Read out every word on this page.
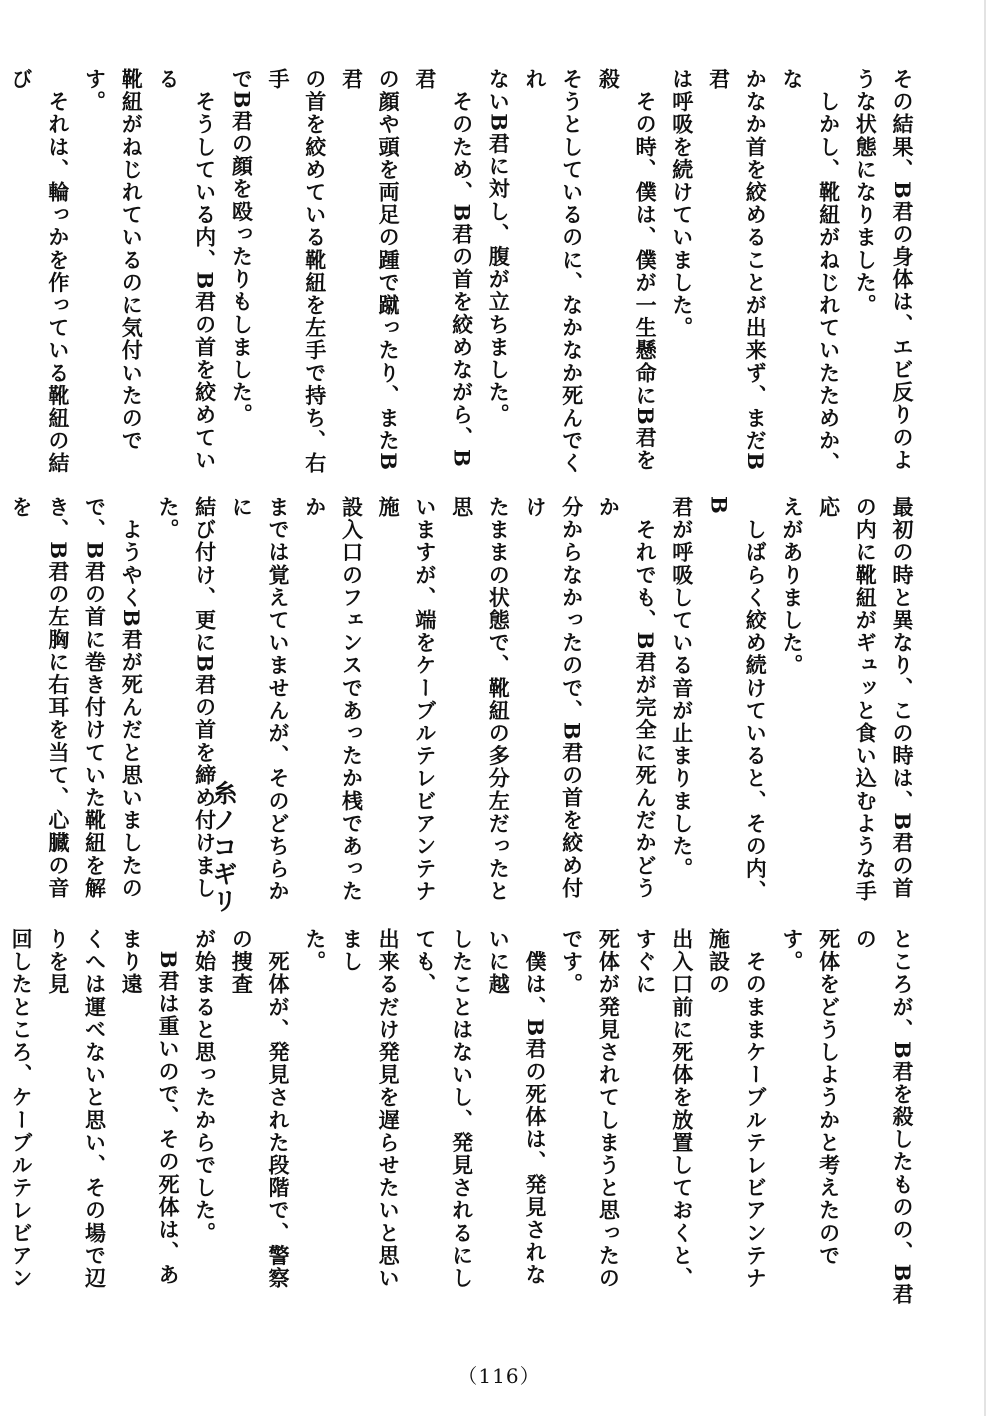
その結果、B君の身体は、エビ反りのよ
うな状態になりました。
　しかし、靴紐がねじれていたためか、な
かなか首を絞めることが出来ず、まだB君
は呼吸を続けていました。
　その時、僕は、僕が一生懸命にB君を殺
そうとしているのに、なかなか死んでくれ
ないB君に対し、腹が立ちました。
　そのため、B君の首を絞めながら、B君
の顔や頭を両足の踵で蹴ったり、またB君
の首を絞めている靴紐を左手で持ち、右手
でB君の顔を殴ったりもしました。
　そうしている内、B君の首を絞めている
靴紐がねじれているのに気付いたのです。
　それは、輪っかを作っている靴紐の結び

最初の時と異なり、この時は、B君の首
の内に靴紐がギュッと食い込むような手応
えがありました。
　しばらく絞め続けていると、その内、B
君が呼吸している音が止まりました。
　それでも、B君が完全に死んだかどうか
分からなかったので、B君の首を絞め付け
たままの状態で、靴紐の多分左だったと思
いますが、端をケーブルテレビアンテナ施
設入口のフェンスであったか桟であったか
までは覚えていませんが、そのどちらかに
結び付け、更にB君の首を締め付けまし
た。
　ようやくB君が死んだと思いましたの
で、B君の首に巻き付けていた靴紐を解
き、B君の左胸に右耳を当て、心臓の音を

糸ノコギリ
ところが、B君を殺したものの、B君の
死体をどうしようかと考えたのです。
　そのままケーブルテレビアンテナ施設の
出入口前に死体を放置しておくと、すぐに
死体が発見されてしまうと思ったのです。
　僕は、B君の死体は、発見されないに越
したことはないし、発見されるにしても、
出来るだけ発見を遅らせたいと思いまし
た。
　死体が、発見された段階で、警察の捜査
が始まると思ったからでした。
　B君は重いので、その死体は、あまり遠
くへは運べないと思い、その場で辺りを見
回したところ、ケーブルテレビアン

（116）
